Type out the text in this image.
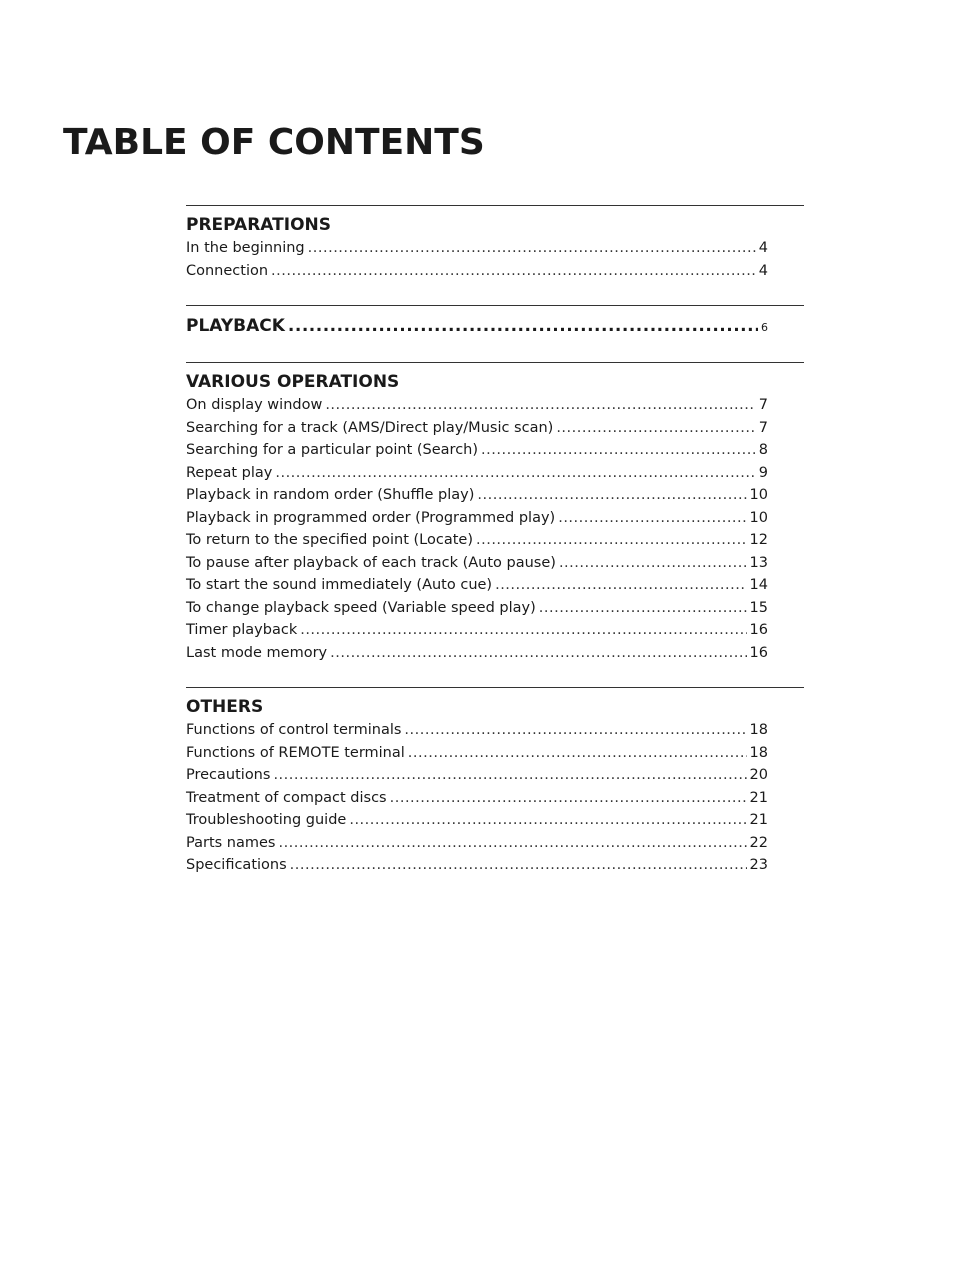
TABLE OF CONTENTS
PREPARATIONS
In the beginning .....	4
Connection .....	4
PLAYBACK .....	6
VARIOUS OPERATIONS
On display window .....	7
Searching for a track (AMS/Direct play/Music scan) .....	7
Searching for a particular point (Search) .....	8
Repeat play .....	9
Playback in random order (Shuffle play) .....	10
Playback in programmed order (Programmed play) .....	10
To return to the specified point (Locate) .....	12
To pause after playback of each track (Auto pause) .....	13
To start the sound immediately (Auto cue) .....	14
To change playback speed (Variable speed play) .....	15
Timer playback .....	16
Last mode memory .....	16
OTHERS
Functions of control terminals .....	18
Functions of REMOTE terminal .....	18
Precautions .....	20
Treatment of compact discs .....	21
Troubleshooting guide .....	21
Parts names .....	22
Specifications .....	23
